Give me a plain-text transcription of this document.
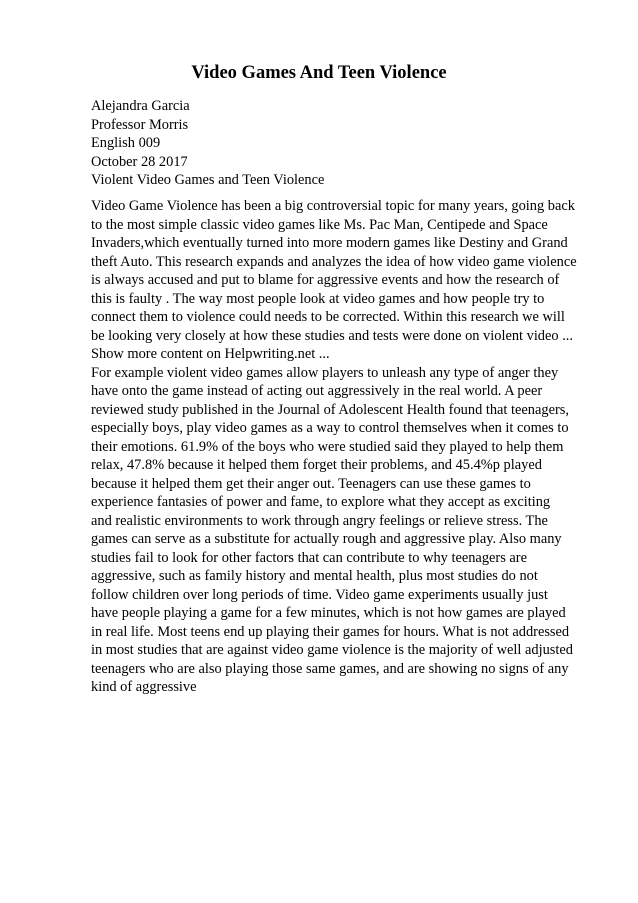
Video Games And Teen Violence
Alejandra Garcia
Professor Morris
English 009
October 28 2017
Violent Video Games and Teen Violence
Video Game Violence has been a big controversial topic for many years, going back
to the most simple classic video games like Ms. Pac Man, Centipede and Space
Invaders,which eventually turned into more modern games like Destiny and Grand
theft Auto. This research expands and analyzes the idea of how video game violence
is always accused and put to blame for aggressive events and how the research of
this is faulty . The way most people look at video games and how people try to
connect them to violence could needs to be corrected. Within this research we will
be looking very closely at how these studies and tests were done on violent video ...
Show more content on Helpwriting.net ...
For example violent video games allow players to unleash any type of anger they
have onto the game instead of acting out aggressively in the real world. A peer
reviewed study published in the Journal of Adolescent Health found that teenagers,
especially boys, play video games as a way to control themselves when it comes to
their emotions. 61.9% of the boys who were studied said they played to help them
relax, 47.8% because it helped them forget their problems, and 45.4%p played
because it helped them get their anger out. Teenagers can use these games to
experience fantasies of power and fame, to explore what they accept as exciting
and realistic environments to work through angry feelings or relieve stress. The
games can serve as a substitute for actually rough and aggressive play. Also many
studies fail to look for other factors that can contribute to why teenagers are
aggressive, such as family history and mental health, plus most studies do not
follow children over long periods of time. Video game experiments usually just
have people playing a game for a few minutes, which is not how games are played
in real life. Most teens end up playing their games for hours. What is not addressed
in most studies that are against video game violence is the majority of well adjusted
teenagers who are also playing those same games, and are showing no signs of any
kind of aggressive
